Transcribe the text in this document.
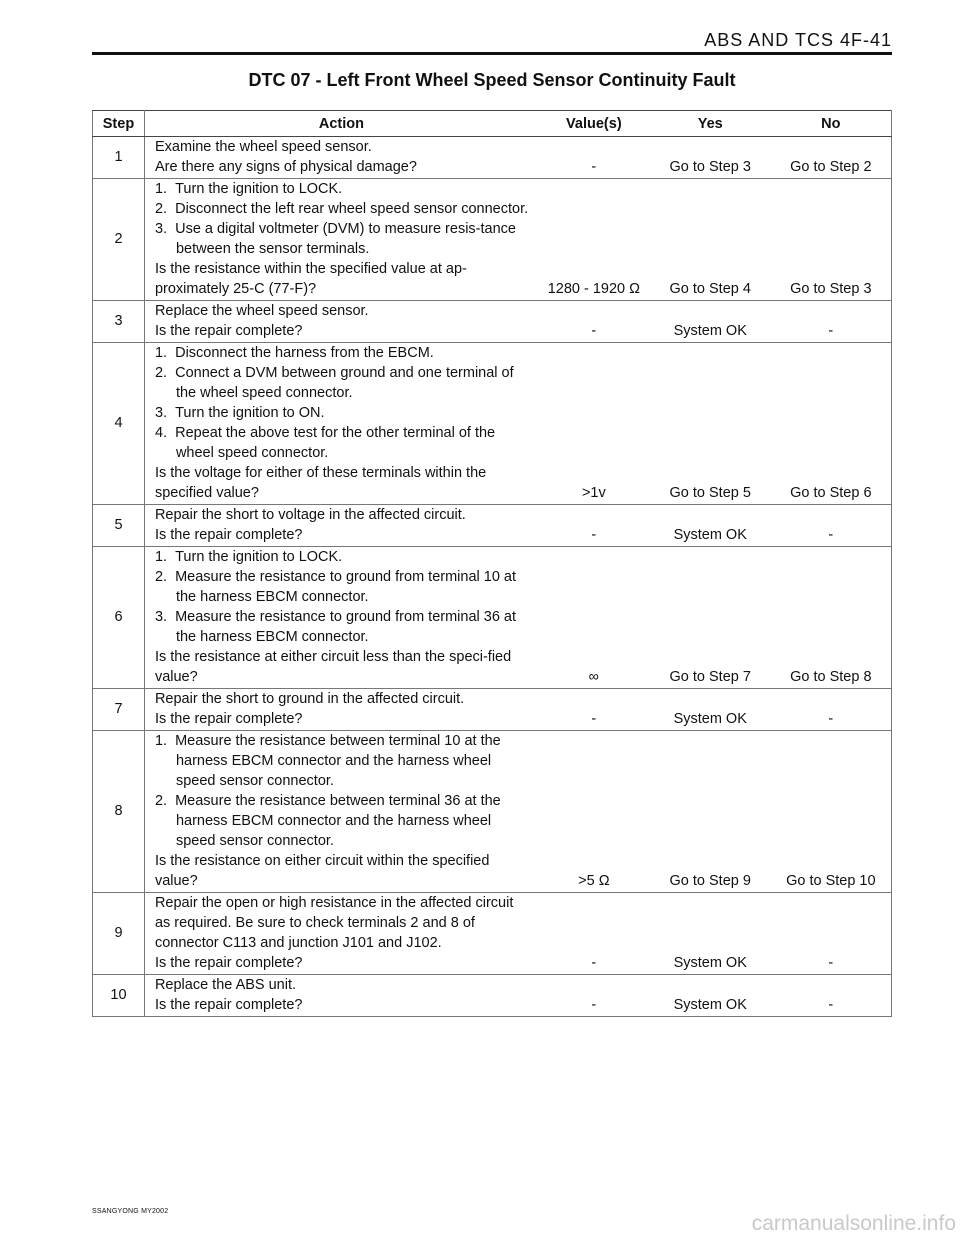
ABS AND TCS 4F-41
DTC 07 - Left Front Wheel Speed Sensor Continuity Fault
Step	Action	Value(s)	Yes	No
1	Examine the wheel speed sensor.
Are there any signs of physical damage?	-	Go to Step 3	Go to Step 2
2	1.  Turn the ignition to LOCK.
2.  Disconnect the left rear wheel speed sensor connector.
3.  Use a digital voltmeter (DVM) to measure resis-tance between the sensor terminals.
Is the resistance within the specified value at ap-proximately 25-C (77-F)?	1280 - 1920 Ω	Go to Step 4	Go to Step 3
3	Replace the wheel speed sensor.
Is the repair complete?	-	System OK	-
4	1.  Disconnect the harness from the EBCM.
2.  Connect a DVM between ground and one terminal of the wheel speed connector.
3.  Turn the ignition to ON.
4.  Repeat the above test for the other terminal of the wheel speed connector.
Is the voltage for either of these terminals within the specified value?	>1v	Go to Step 5	Go to Step 6
5	Repair the short to voltage in the affected circuit.
Is the repair complete?	-	System OK	-
6	1.  Turn the ignition to LOCK.
2.  Measure the resistance to ground from terminal 10 at the harness EBCM connector.
3.  Measure the resistance to ground from terminal 36 at the harness EBCM connector.
Is the resistance at either circuit less than the speci-fied value?	∞	Go to Step 7	Go to Step 8
7	Repair the short to ground in the affected circuit.
Is the repair complete?	-	System OK	-
8	1.  Measure the resistance between terminal 10 at the harness EBCM connector and the harness wheel speed sensor connector.
2.  Measure the resistance between terminal 36 at the harness EBCM connector and the harness wheel speed sensor connector.
Is the resistance on either circuit within the specified value?	>5 Ω	Go to Step 9	Go to Step 10
9	Repair the open or high resistance in the affected circuit as required. Be sure to check terminals 2 and 8 of connector C113 and junction J101 and J102.
Is the repair complete?	-	System OK	-
10	Replace the ABS unit.
Is the repair complete?	-	System OK	-
SSANGYONG MY2002
carmanualsonline.info
